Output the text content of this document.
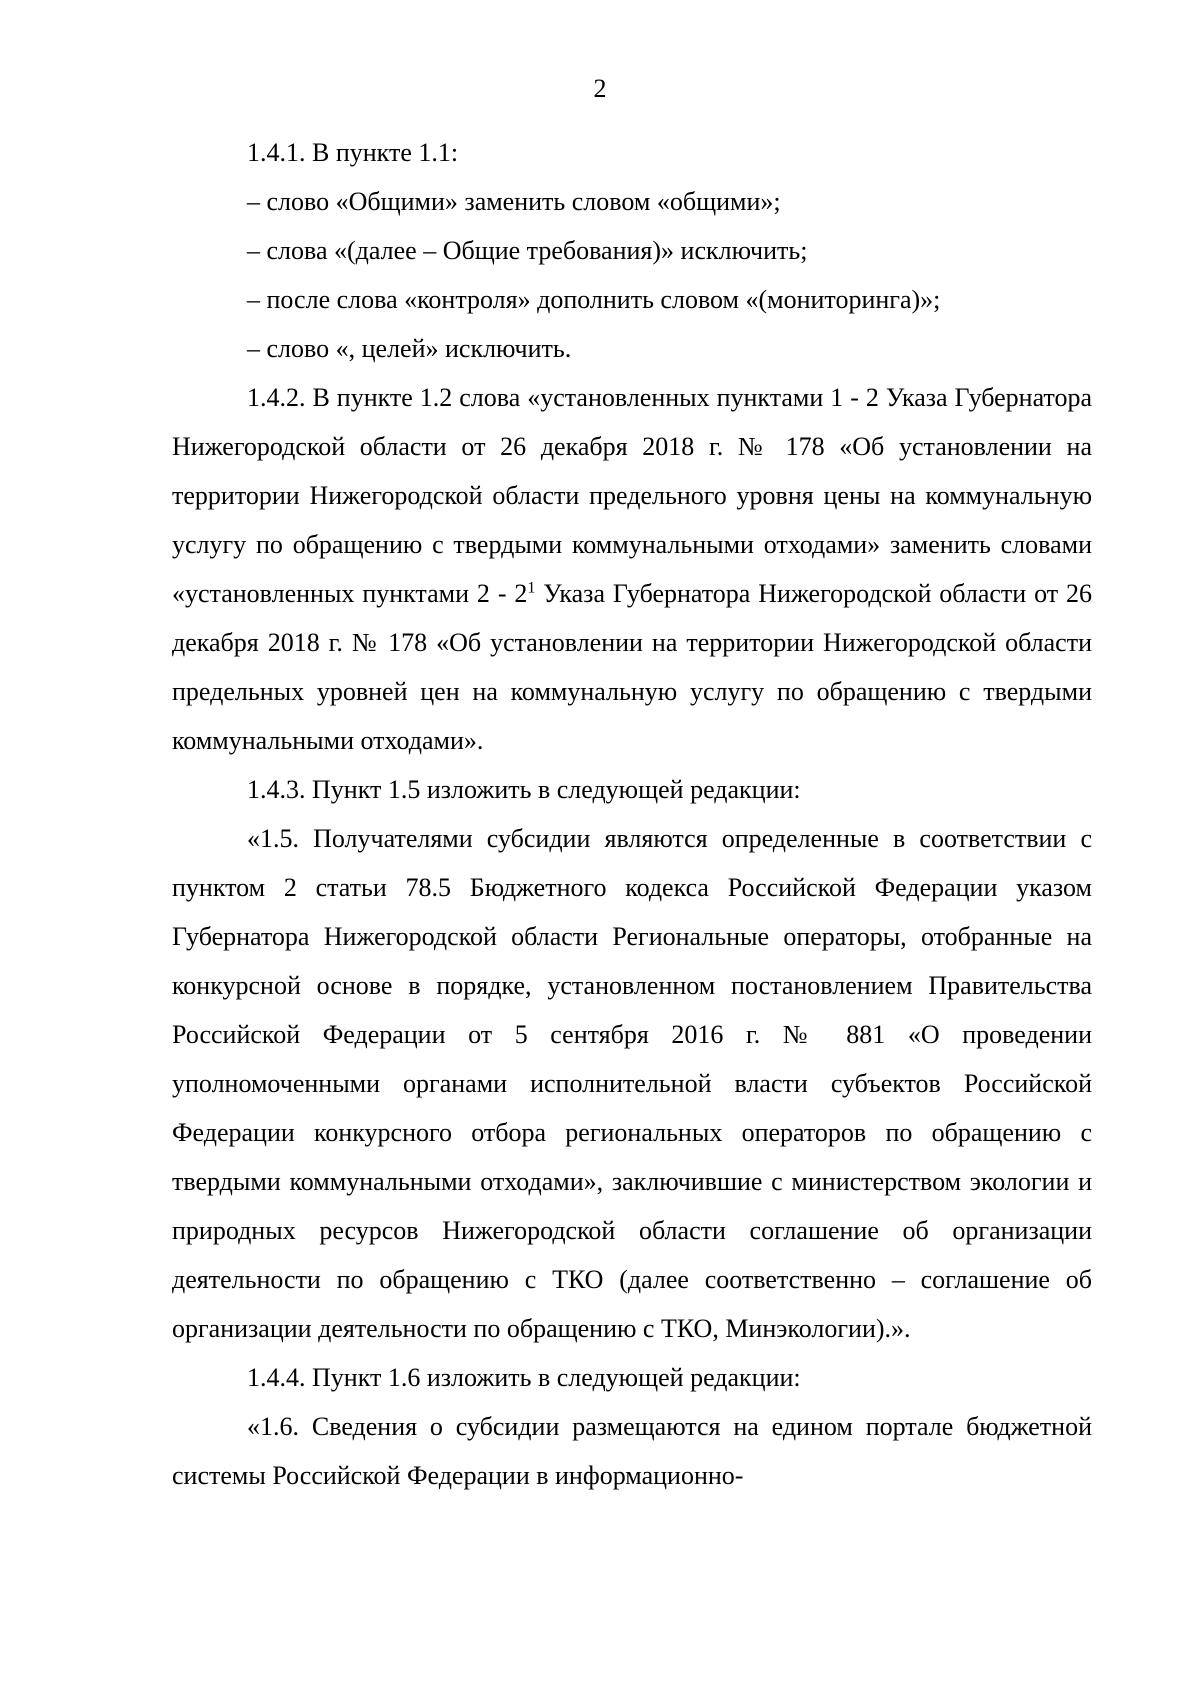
2

1.4.1. В пункте 1.1:

– слово «Общими» заменить словом «общими»;

– слова «(далее – Общие требования)» исключить;

– после слова «контроля» дополнить словом «(мониторинга)»;

– слово «, целей» исключить.

1.4.2. В пункте 1.2 слова «установленных пунктами 1 - 2 Указа Губернатора Нижегородской области от 26 декабря 2018 г. № 178 «Об установлении на территории Нижегородской области предельного уровня цены на коммунальную услугу по обращению с твердыми коммунальными отходами» заменить словами «установленных пунктами $2 - 2^1$ Указа Губернатора Нижегородской области от 26 декабря 2018 г. № 178 «Об установлении на территории Нижегородской области предельных уровней цен на коммунальную услугу по обращению с твердыми коммунальными отходами».

1.4.3. Пункт 1.5 изложить в следующей редакции:

«1.5. Получателями субсидии являются определенные в соответствии с пунктом 2 статьи 78.5 Бюджетного кодекса Российской Федерации указом Губернатора Нижегородской области Региональные операторы, отобранные на конкурсной основе в порядке, установленном постановлением Правительства Российской Федерации от 5 сентября 2016 г. № 881 «О проведении уполномоченными органами исполнительной власти субъектов Российской Федерации конкурсного отбора региональных операторов по обращению с твердыми коммунальными отходами», заключившие с министерством экологии и природных ресурсов Нижегородской области соглашение об организации деятельности по обращению с ТКО (далее соответственно – соглашение об организации деятельности по обращению с ТКО, Минэкологии).».

1.4.4. Пункт 1.6 изложить в следующей редакции:

«1.6. Сведения о субсидии размещаются на едином портале бюджетной системы Российской Федерации в информационно-
